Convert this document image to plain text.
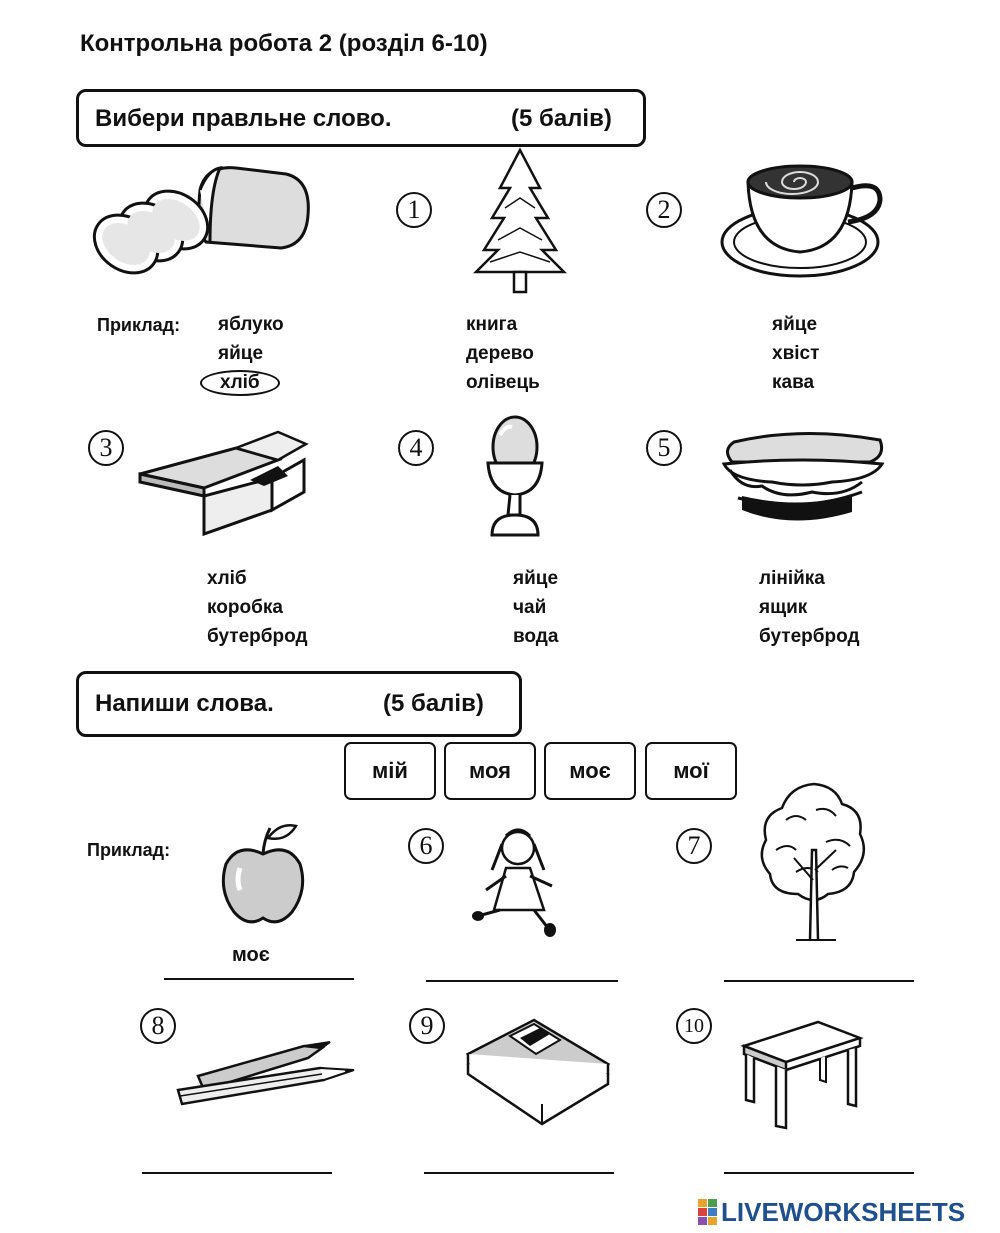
Контрольна робота 2 (розділ 6-10)
Вибери правльне слово.	(5 балів)
Приклад: яблуко
яйце
хліб
1
книга
дерево
олівець
2
яйце
хвіст
кава
3
хліб
коробка
бутерброд
4
яйце
чай
вода
5
лінійка
ящик
бутерброд
Напиши слова.	(5 балів)
мій	моя	моє	мої
Приклад:
моє
6	7
8	9	10
LIVEWORKSHEETS
